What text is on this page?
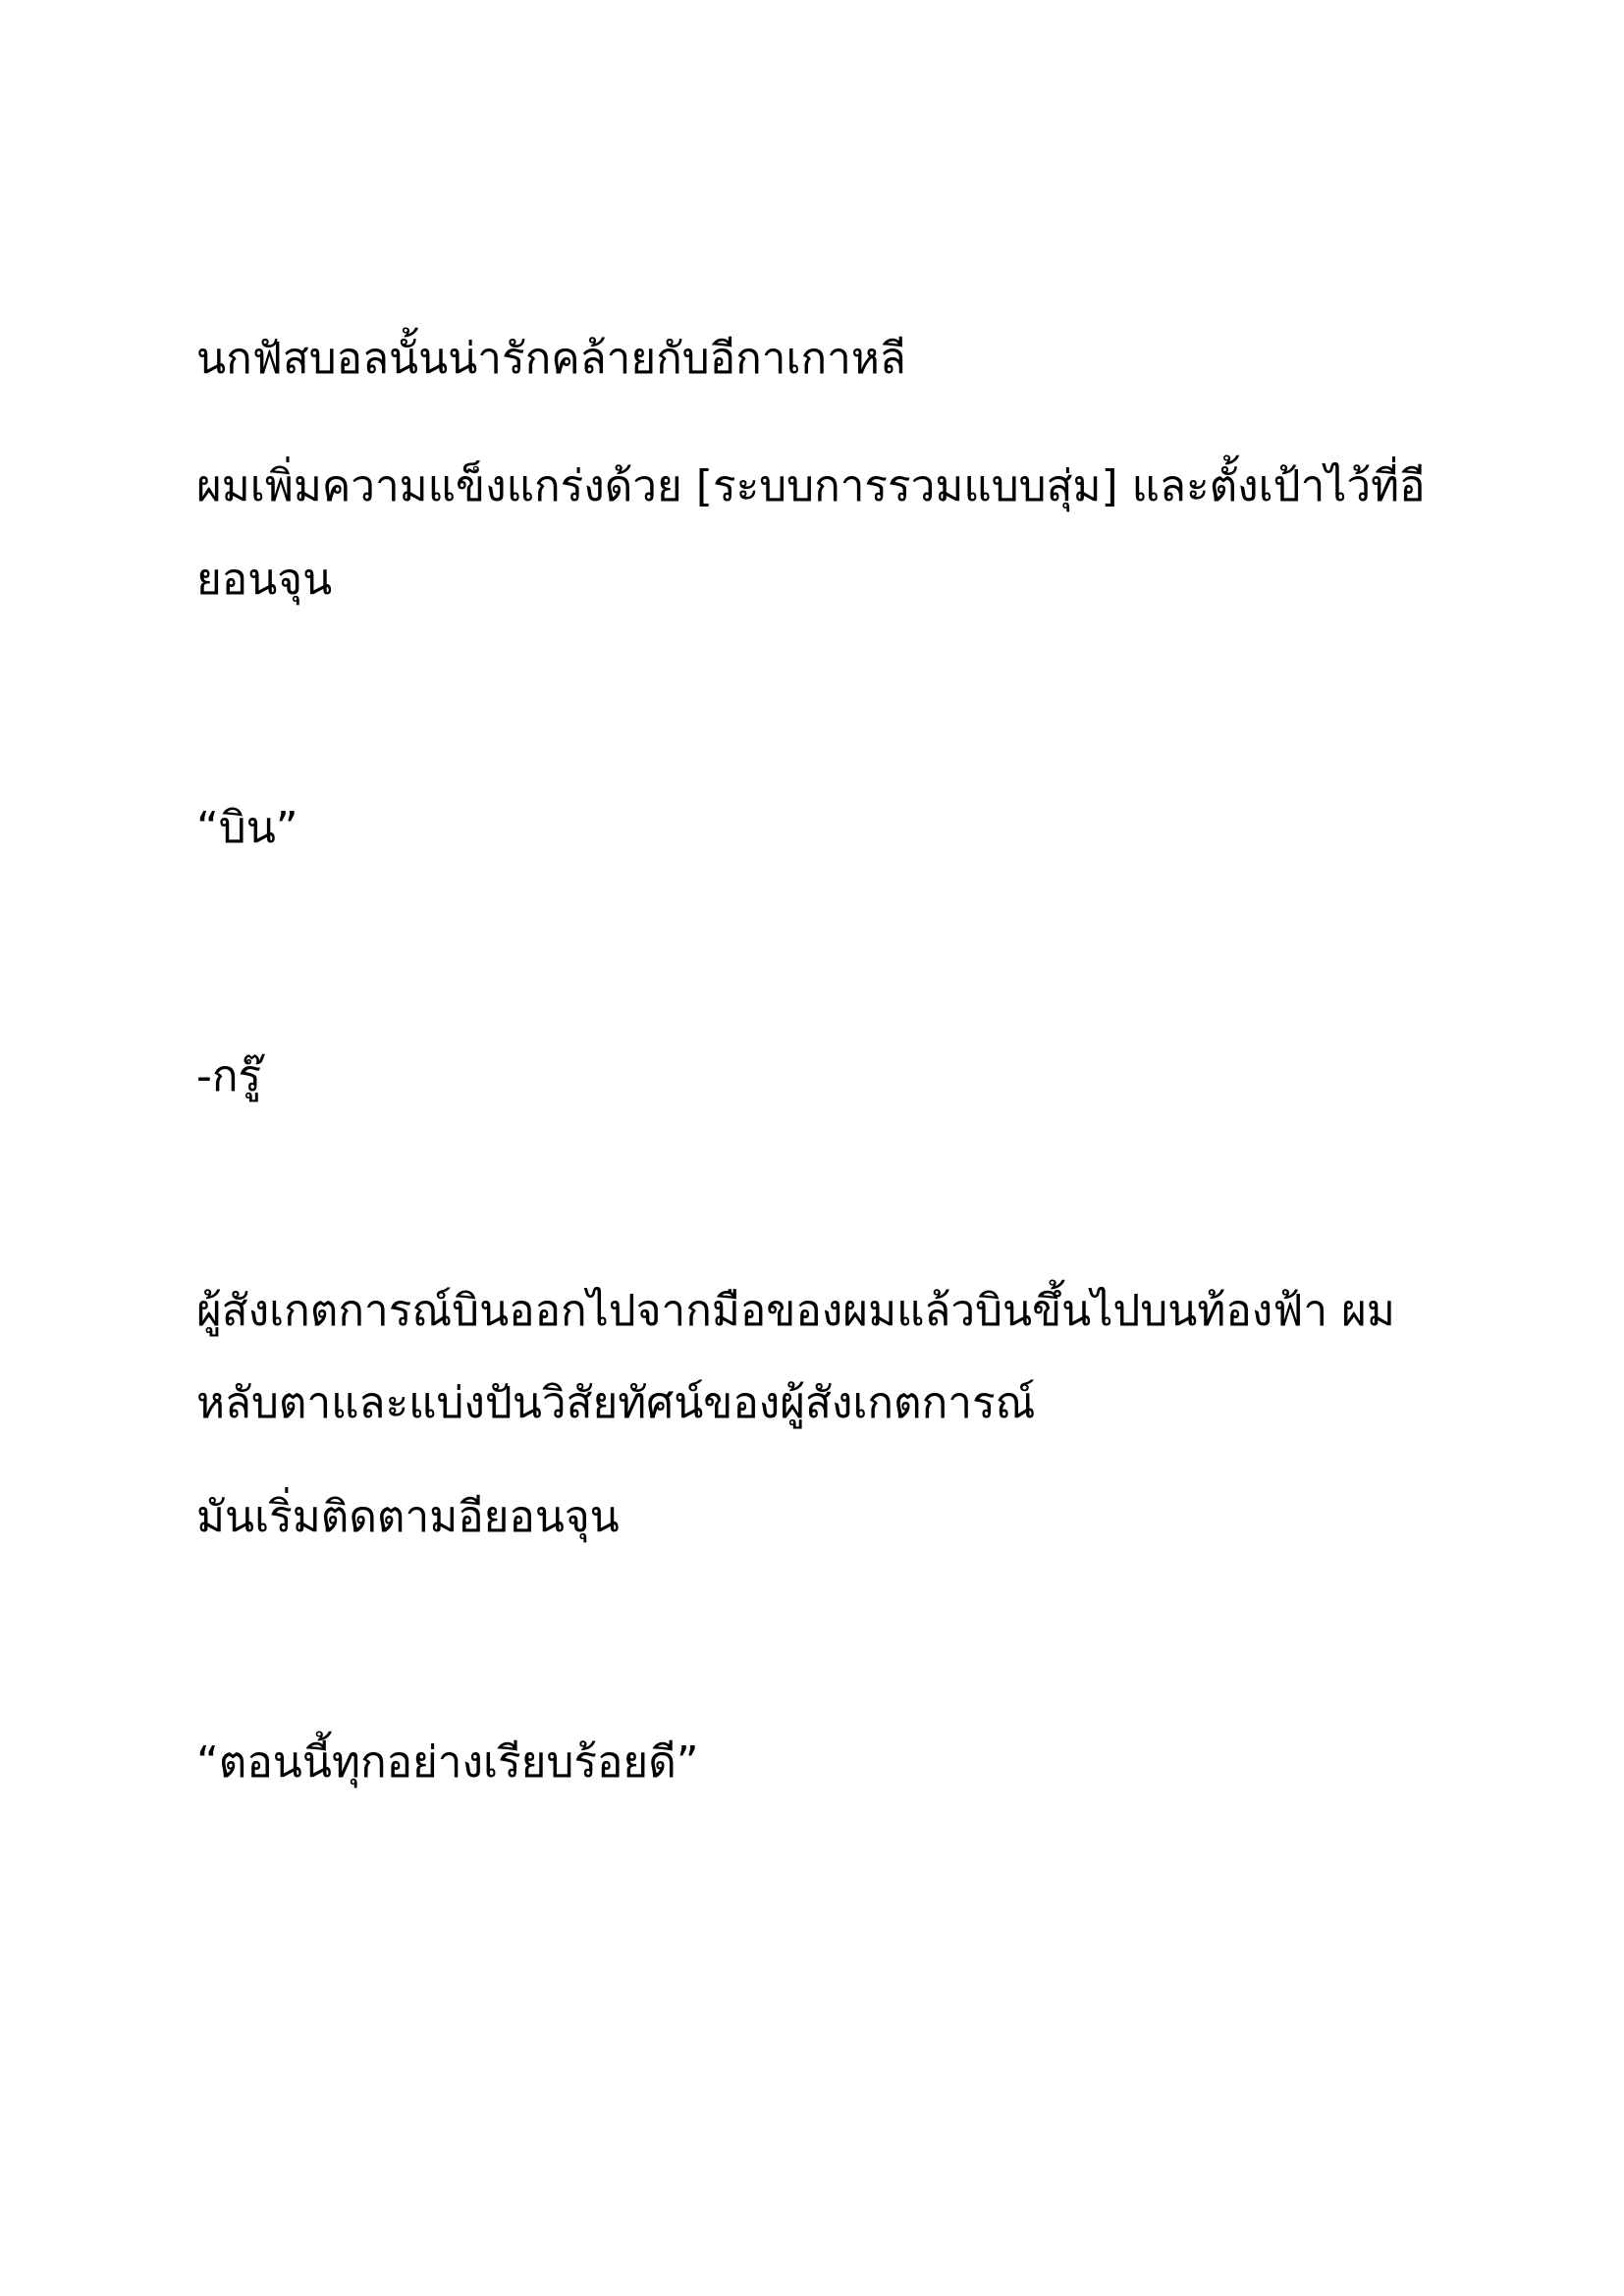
นกฟัสบอลนั้นน่ารักคล้ายกับอีกาเกาหลี
ผมเพิ่มความแข็งแกร่งด้วย [ระบบการรวมแบบสุ่ม] และตั้งเป้าไว้ที่อี
ยอนจุน
“บิน”
-กรู๊
ผู้สังเกตการณ์บินออกไปจากมือของผมแล้วบินขึ้นไปบนท้องฟ้า ผม
หลับตาและแบ่งปันวิสัยทัศน์ของผู้สังเกตการณ์
มันเริ่มติดตามอียอนจุน
“ตอนนี้ทุกอย่างเรียบร้อยดี”
